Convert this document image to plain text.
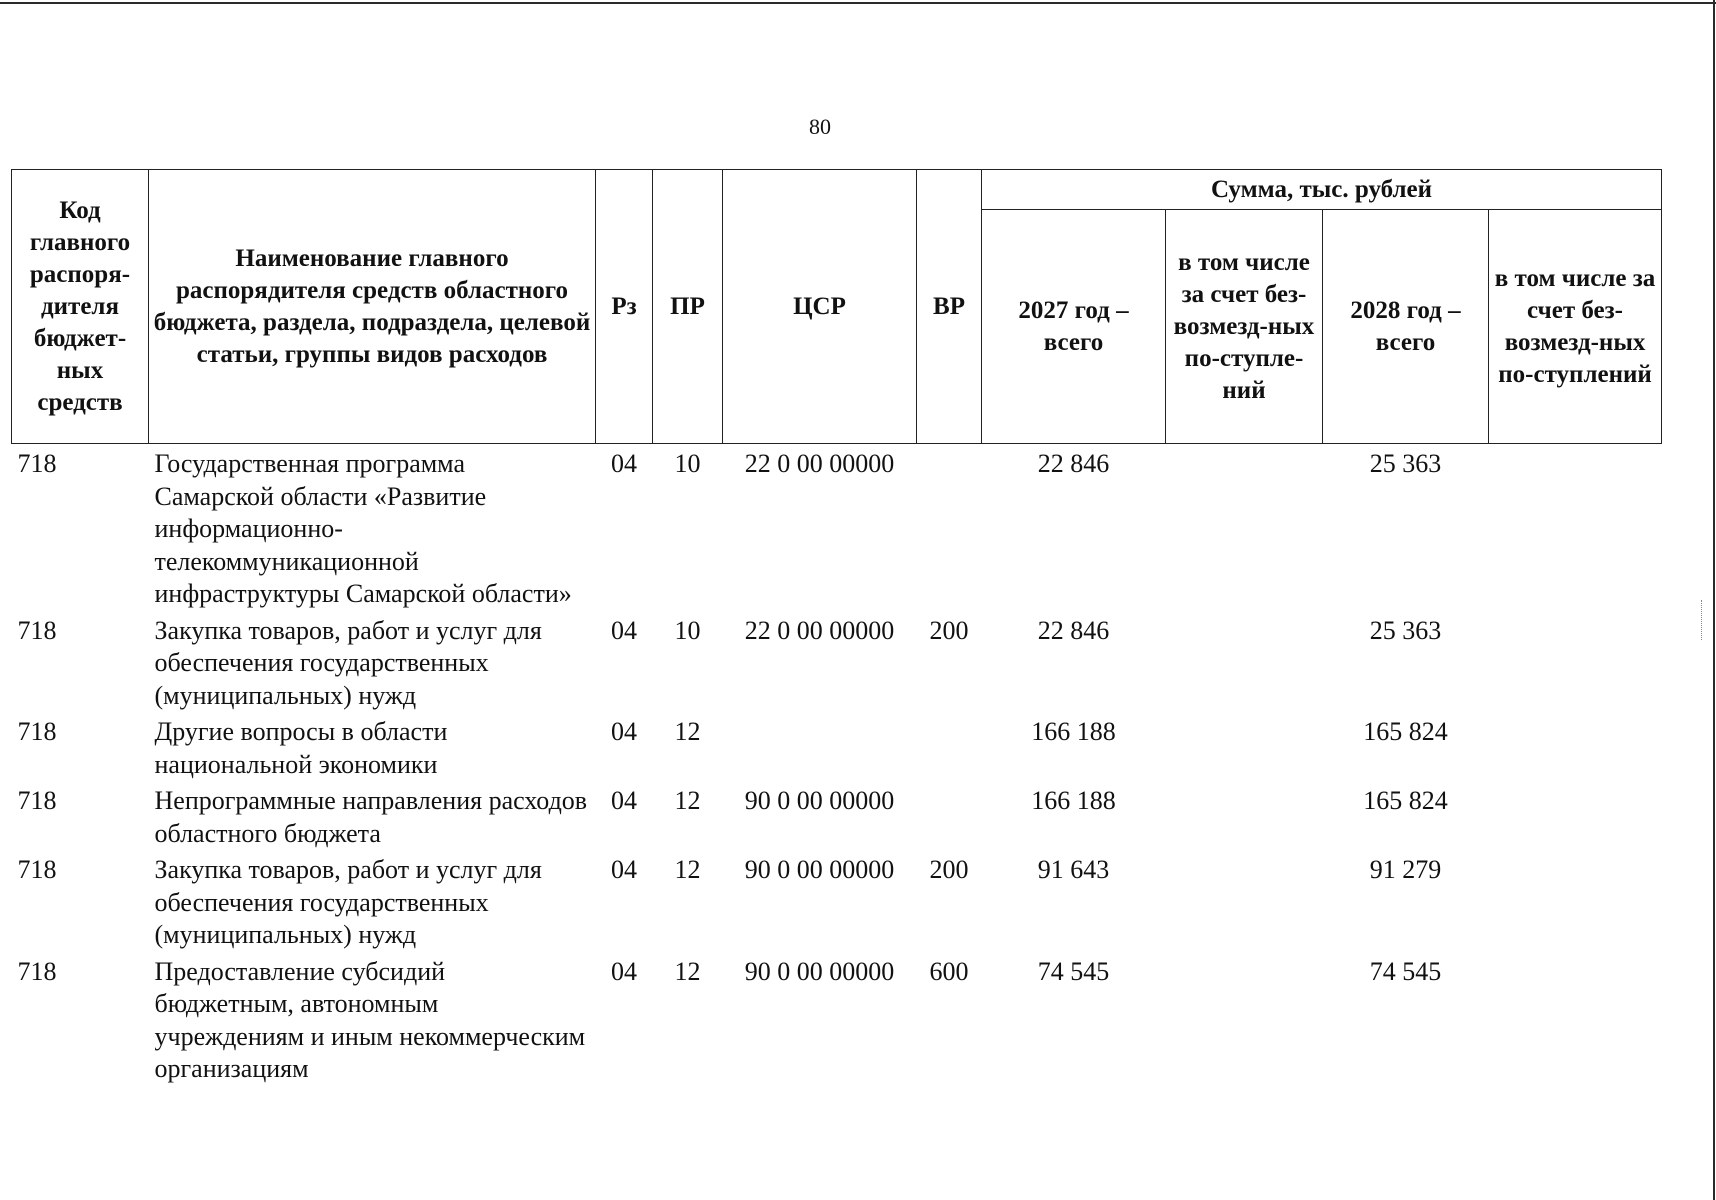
80
Код главного распоря-дителя бюджет-ных средств	Наименование главного распорядителя средств областного бюджета, раздела, подраздела, целевой статьи, группы видов расходов	Рз	ПР	ЦСР	ВР	Сумма, тыс. рублей			
						2027 год – всего	в том числе за счет без-возмезд-ных по-ступле-ний	2028 год – всего	в том числе за счет без-возмезд-ных по-ступлений
718	Государственная программа Самарской области «Развитие информационно-телекоммуникационной инфраструктуры Самарской области»	04	10	22 0 00 00000		22 846		25 363	
718	Закупка товаров, работ и услуг для обеспечения государственных (муниципальных) нужд	04	10	22 0 00 00000	200	22 846		25 363	
718	Другие вопросы в области национальной экономики	04	12			166 188		165 824	
718	Непрограммные направления расходов областного бюджета	04	12	90 0 00 00000		166 188		165 824	
718	Закупка товаров, работ и услуг для обеспечения государственных (муниципальных) нужд	04	12	90 0 00 00000	200	91 643		91 279	
718	Предоставление субсидий бюджетным, автономным учреждениям и иным некоммерческим организациям	04	12	90 0 00 00000	600	74 545		74 545	
